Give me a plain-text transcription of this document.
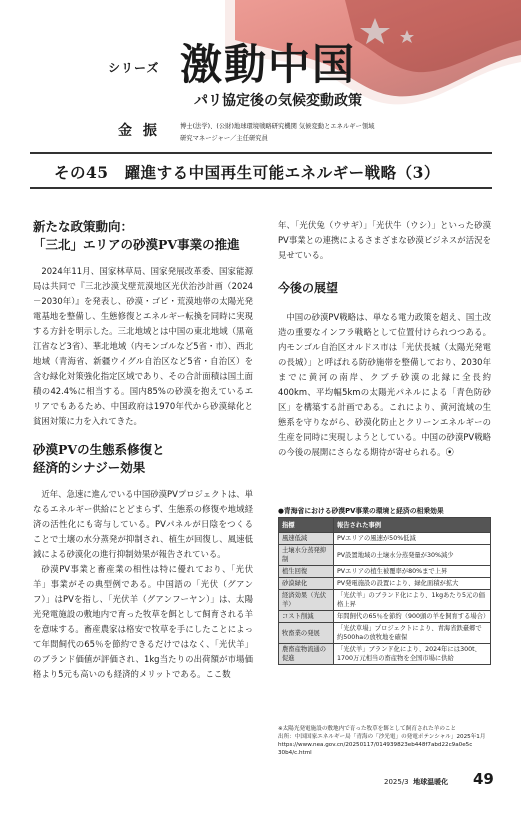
シリーズ 激動中国
パリ協定後の気候変動政策
金 振	博士(法学)、(公財)地球環境戦略研究機関 気候変動とエネルギー領域
研究マネージャー／主任研究員
その45　躍進する中国再生可能エネルギー戦略（3）

新たな政策動向：

「三北」エリアの砂漠PV事業の推進

2024年11月、国家林草局、国家発展改革委、国家能源局は共同で『三北沙漠戈壁荒漠地区光伏治沙計画（2024－2030年）』を発表し、砂漠・ゴビ・荒漠地帯の太陽光発電基地を整備し、生態修復とエネルギー転換を同時に実現する方針を明示した。三北地域とは中国の東北地域（黒竜江省など3省）、華北地域（内モンゴルなど5省・市）、西北地域（青海省、新疆ウイグル自治区など5省・自治区）を含む緑化対策強化指定区域であり、その合計面積は国土面積の42.4%に相当する。国内85%の砂漠を抱えているエリアでもあるため、中国政府は1970年代から砂漠緑化と貧困対策に力を入れてきた。

砂漠PVの生態系修復と

経済的シナジー効果

近年、急速に進んでいる中国砂漠PVプロジェクトは、単なるエネルギー供給にとどまらず、生態系の修復や地域経済の活性化にも寄与している。PVパネルが日陰をつくることで土壌の水分蒸発が抑制され、植生が回復し、風速低減による砂漠化の進行抑制効果が報告されている。

砂漠PV事業と畜産業の相性は特に優れており、「光伏羊」事業がその典型例である。中国語の「光伏（グアンフ）」はPVを指し、「光伏羊（グアンフーヤン）」は、太陽光発電施設の敷地内で育った牧草を餌として飼育される羊を意味する。畜産農家は格安で牧草を手にしたことによって年間飼代の65％を節約できるだけではなく、「光伏羊」のブランド価値が評価され、1kg当たりの出荷額が市場価格より5元も高いのも経済的メリットである。ここ数

年、「光伏兔（ウサギ）」「光伏牛（ウシ）」といった砂漠PV事業との連携によるさまざまな砂漠ビジネスが活況を見せている。

今後の展望

中国の砂漠PV戦略は、単なる電力政策を超え、国土改造の重要なインフラ戦略として位置付けられつつある。内モンゴル自治区オルドス市は「光伏長城（太陽光発電の長城）」と呼ばれる防砂施帯を整備しており、2030年までに黄河の南岸、クブチ砂漠の北縁に全長約400km、平均幅5kmの太陽光パネルによる「青色防砂区」を構築する計画である。これにより、黄河流域の生態系を守りながら、砂漠化防止とクリーンエネルギーの生産を同時に実現しようとしている。中国の砂漠PV戦略の今後の展開にさらなる期待が寄せられる。⦿

●青海省における砂漠PV事業の環境と経済の相乗効果
指標	報告された事例
風速低減	PVエリアの風速が50%低減
土壌水分蒸発抑制	PV設置地域の土壌水分蒸発量が30%減少
植生回復	PVエリアの植生被覆率が80%まで上昇
砂漠緑化	PV発電施設の設置により、緑化面積が拡大
経済効果（光伏羊）	「光伏羊」のブランド化により、1kgあたり5元の価格上昇
コスト削減	年間飼代の65％を節約（900頭の羊を飼育する場合）
牧畜業の発展	「光伏草場」プロジェクトにより、青海省鉄臺郷で約500haの放牧地を確保
農畜産物流通の促進	「光伏羊」ブランド化により、2024年には300t、1700万元相当の畜産物を全国市場に供給
※太陽光発電施設の敷地内で育った牧草を餌として飼育された羊のこと
出所：中国国家エネルギー局「青海の「沙光電」の発電ポテンシャル」2025年1月
https://www.nea.gov.cn/20250117/014939823eb448f7abd22c9a0e5c
30b4/c.html
2025/3 地球温暖化 49
